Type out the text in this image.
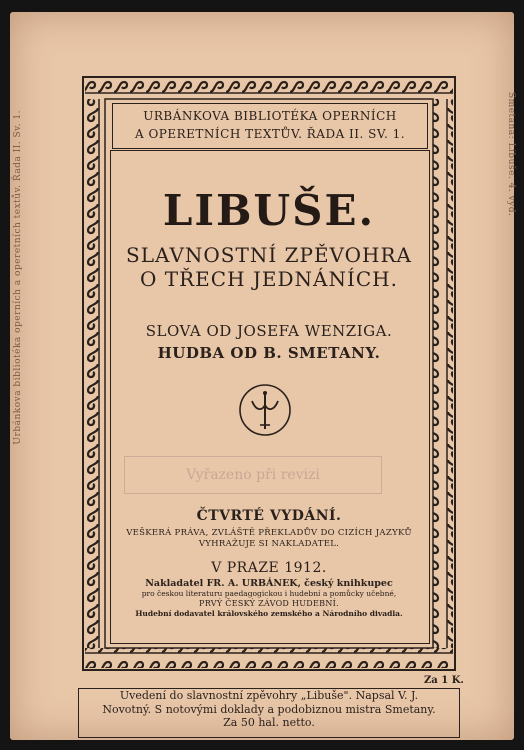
Urbánkova bibliotéka operních a operetních textův. Řada II. Sv. 1.	Smetana: Libuše. 4. vyd.
URBÁNKOVA BIBLIOTÉKA OPERNÍCH
A OPERETNÍCH TEXTŮV. ŘADA II. SV. 1.
LIBUŠE.
SLAVNOSTNÍ ZPĚVOHRA
O TŘECH JEDNÁNÍCH.
SLOVA OD JOSEFA WENZIGA.
HUDBA OD B. SMETANY.
Vyřazeno při revizi
ČTVRTÉ VYDÁNÍ.
VEŠKERÁ PRÁVA, ZVLÁŠTĚ PŘEKLADŮV DO CIZÍCH JAZYKŮ
VYHRAŽUJE SI NAKLADATEL.
V PRAZE 1912.
Nakladatel FR. A. URBÁNEK, český knihkupec
pro českou literaturu paedagogickou i hudební a pomůcky učebné,
PRVÝ ČESKÝ ZÁVOD HUDEBNÍ.
Hudební dodavatel královského zemského a Národního divadla.
Za 1 K.
Uvedení do slavnostní zpěvohry „Libuše". Napsal V. J.
Novotný. S notovými doklady a podobiznou mistra Smetany.
Za 50 hal. netto.
